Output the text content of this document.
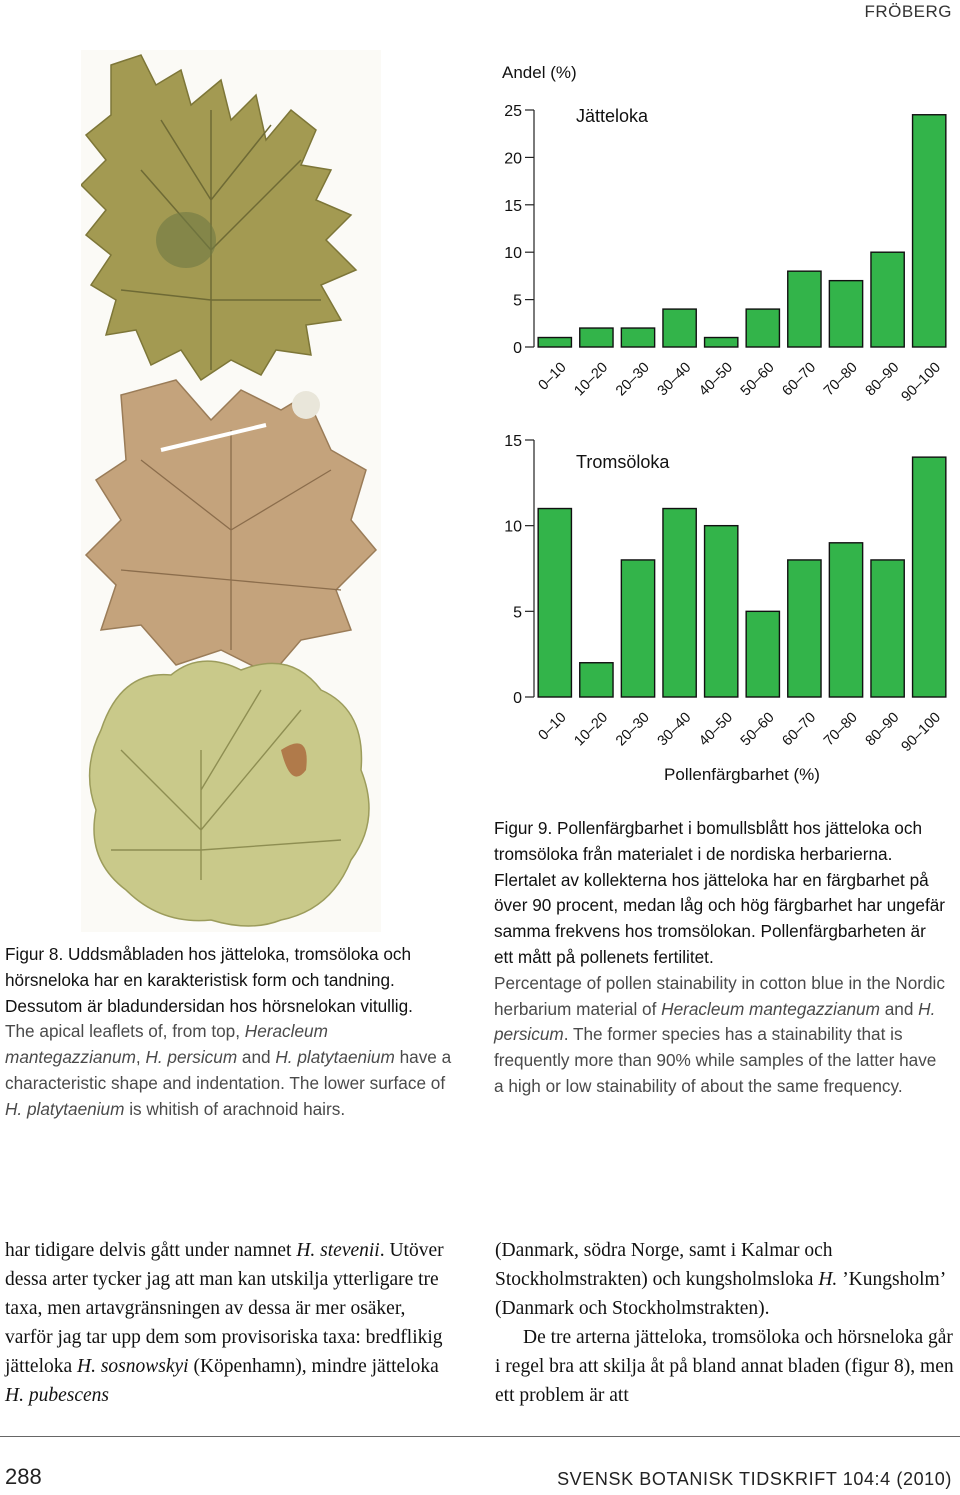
FRÖBERG

Figur 8. Uddsmåbladen hos jätteloka, tromsöloka och hörsneloka har en karakteristisk form och tandning. Dessutom är bladundersidan hos hörsnelokan vitullig.

The apical leaflets of, from top, Heracleum mantegazzianum, H. persicum and H. platytaenium have a characteristic shape and indentation. The lower surface of H. platytaenium is whitish of arachnoid hairs.

Andel (%)
0
5
10
15
20
25	Jätteloka
0–10 10–20 20–30 30–40 40–50 50–60 60–70 70–80 80–90
90–100
0
5
10
15
Tromsöloka
0–10 10–20 20–30 30–40 40–50 50–60 60–70 70–80 80–90
90–100
Pollenfärgbarhet (%)

Figur 9. Pollenfärgbarhet i bomullsblått hos jätteloka och tromsöloka från materialet i de nordiska herbarierna. Flertalet av kollekterna hos jätteloka har en färgbarhet på över 90 procent, medan låg och hög färgbarhet har ungefär samma frekvens hos tromsölokan. Pollenfärgbarheten är ett mått på pollenets fertilitet.

Percentage of pollen stainability in cotton blue in the Nordic herbarium material of Heracleum mantegazzianum and H. persicum. The former species has a stainability that is frequently more than 90% while samples of the latter have a high or low stainability of about the same frequency.

har tidigare delvis gått under namnet H. stevenii. Utöver dessa arter tycker jag att man kan utskilja ytterligare tre taxa, men artavgränsningen av dessa är mer osäker, varför jag tar upp dem som provisoriska taxa: bredflikig jätteloka H. sosnowskyi (Köpenhamn), mindre jätteloka H. pubescens

(Danmark, södra Norge, samt i Kalmar och Stockholmstrakten) och kungsholmsloka H. ’Kungsholm’ (Danmark och Stockholmstrakten).

De tre arterna jätteloka, tromsöloka och hörsneloka går i regel bra att skilja åt på bland annat bladen (figur 8), men ett problem är att

288	SVENSK BOTANISK TIDSKRIFT 104:4 (2010)
